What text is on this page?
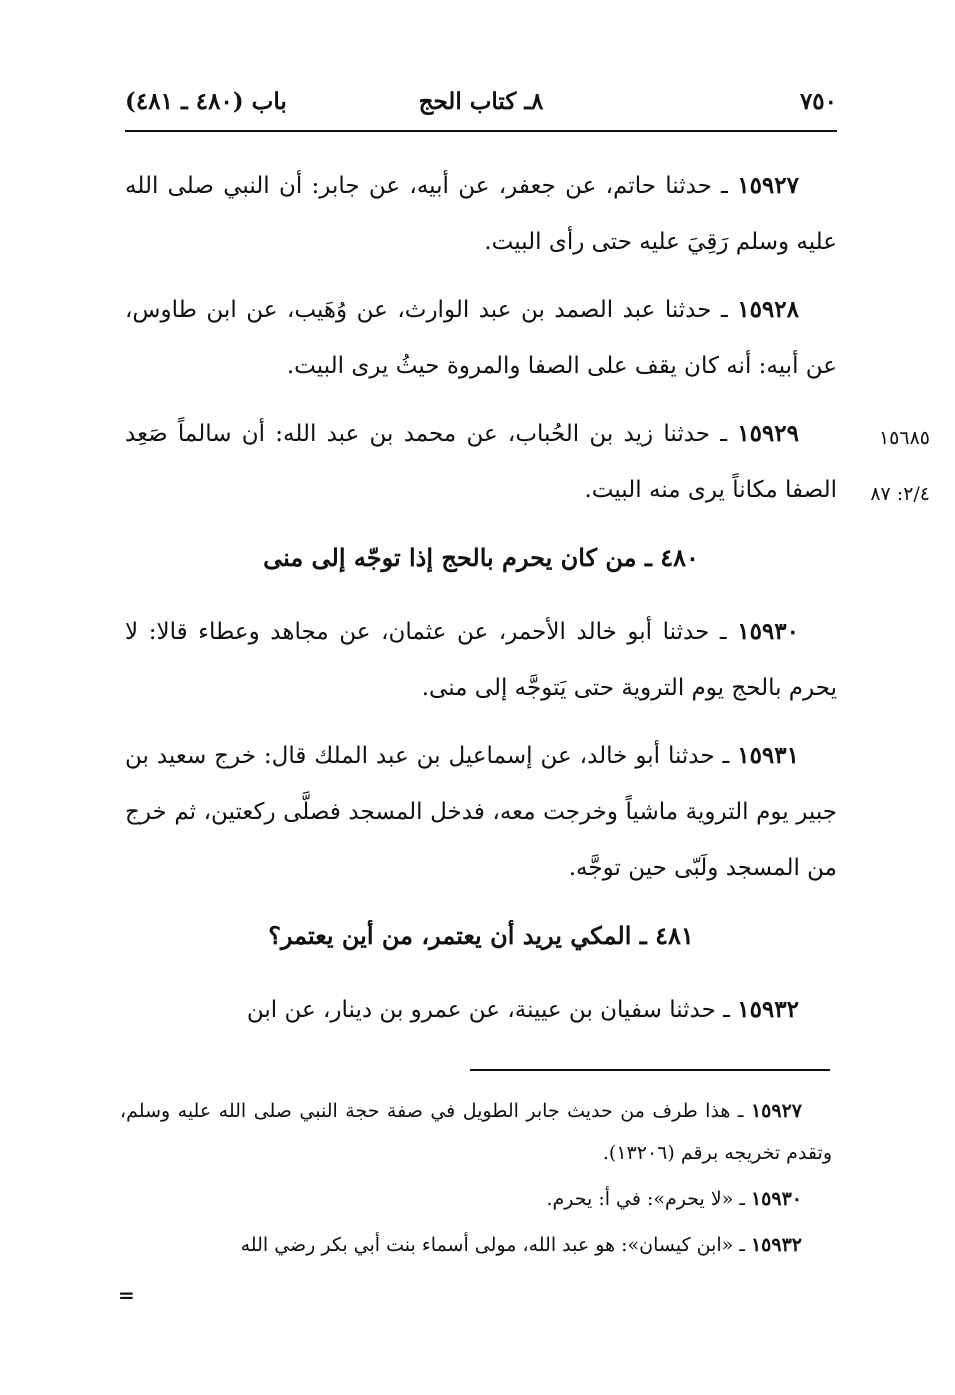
٧٥٠
٨ـ كتاب الحج
باب (٤٨٠ ـ ٤٨١)

١٥٩٢٧ ـ حدثنا حاتم، عن جعفر، عن أبيه، عن جابر: أن النبي صلى الله عليه وسلم رَقِيَ عليه حتى رأى البيت.

١٥٩٢٨ ـ حدثنا عبد الصمد بن عبد الوارث، عن وُهَيب، عن ابن طاوس، عن أبيه: أنه كان يقف على الصفا والمروة حيثُ يرى البيت.

١٥٩٢٩ ـ حدثنا زيد بن الحُباب، عن محمد بن عبد الله: أن سالماً صَعِد الصفا مكاناً يرى منه البيت.

٤٨٠ ـ من كان يحرم بالحج إذا توجّه إلى منى

١٥٩٣٠ ـ حدثنا أبو خالد الأحمر، عن عثمان، عن مجاهد وعطاء قالا: لا يحرم بالحج يوم التروية حتى يَتوجَّه إلى منى.

١٥٩٣١ ـ حدثنا أبو خالد، عن إسماعيل بن عبد الملك قال: خرج سعيد بن جبير يوم التروية ماشياً وخرجت معه، فدخل المسجد فصلَّى ركعتين، ثم خرج من المسجد ولَبّى حين توجَّه.

٤٨١ ـ المكي يريد أن يعتمر، من أين يعتمر؟

١٥٩٣٢ ـ حدثنا سفيان بن عيينة، عن عمرو بن دينار، عن ابن

١٥٦٨٥
٢/٤: ٨٧

١٥٩٢٧ ـ هذا طرف من حديث جابر الطويل في صفة حجة النبي صلى الله عليه وسلم، وتقدم تخريجه برقم (١٣٢٠٦).

١٥٩٣٠ ـ «لا يحرم»: في أ: يحرم.

١٥٩٣٢ ـ «ابن كيسان»: هو عبد الله، مولى أسماء بنت أبي بكر رضي الله

=
